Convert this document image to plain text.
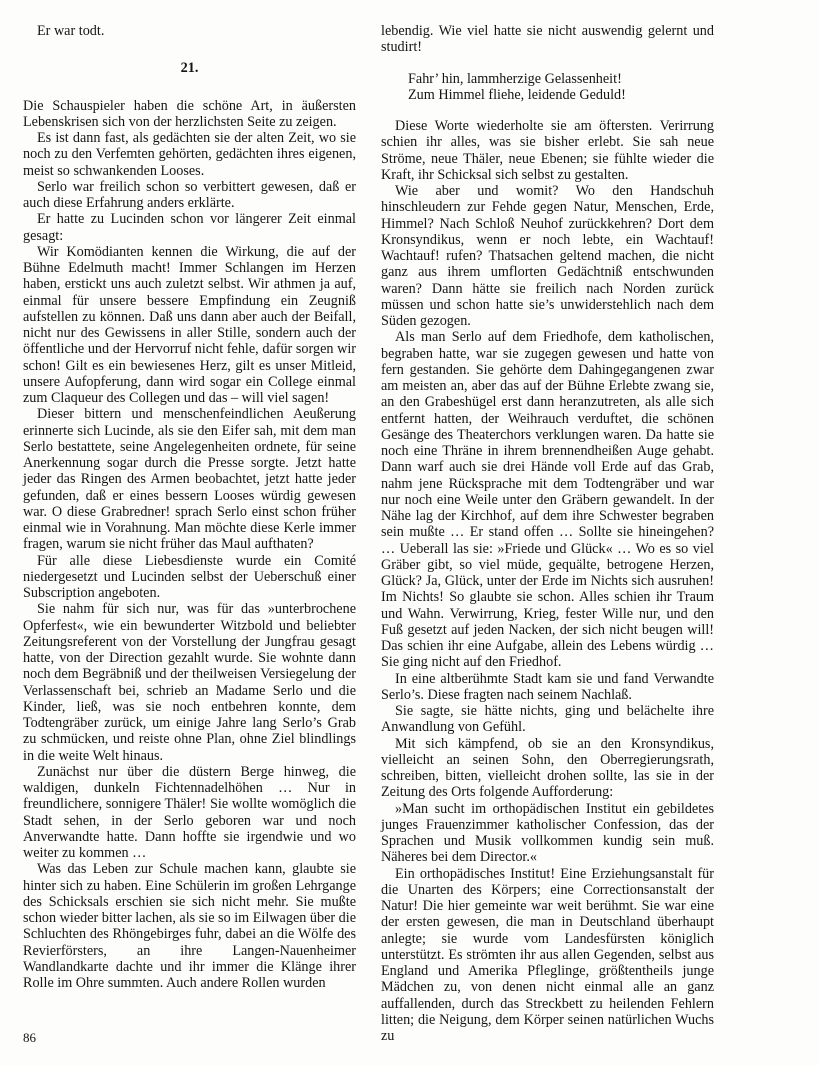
Er war todt.

21.

Die Schauspieler haben die schöne Art, in äußersten Lebenskrisen sich von der herzlichsten Seite zu zeigen.

Es ist dann fast, als gedächten sie der alten Zeit, wo sie noch zu den Verfemten gehörten, gedächten ihres eigenen, meist so schwankenden Looses.

Serlo war freilich schon so verbittert gewesen, daß er auch diese Erfahrung anders erklärte.

Er hatte zu Lucinden schon vor längerer Zeit einmal gesagt:

Wir Komödianten kennen die Wirkung, die auf der Bühne Edelmuth macht! Immer Schlangen im Herzen haben, erstickt uns auch zuletzt selbst. Wir athmen ja auf, einmal für unsere bessere Empfindung ein Zeugniß aufstellen zu können. Daß uns dann aber auch der Beifall, nicht nur des Gewissens in aller Stille, sondern auch der öffentliche und der Hervorruf nicht fehle, dafür sorgen wir schon! Gilt es ein bewiesenes Herz, gilt es unser Mitleid, unsere Aufopferung, dann wird sogar ein College einmal zum Claqueur des Collegen und das – will viel sagen!

Dieser bittern und menschenfeindlichen Aeußerung erinnerte sich Lucinde, als sie den Eifer sah, mit dem man Serlo bestattete, seine Angelegenheiten ordnete, für seine Anerkennung sogar durch die Presse sorgte. Jetzt hatte jeder das Ringen des Armen beobachtet, jetzt hatte jeder gefunden, daß er eines bessern Looses würdig gewesen war. O diese Grabredner! sprach Serlo einst schon früher einmal wie in Vorahnung. Man möchte diese Kerle immer fragen, warum sie nicht früher das Maul aufthaten?

Für alle diese Liebesdienste wurde ein Comité niedergesetzt und Lucinden selbst der Ueberschuß einer Subscription angeboten.

Sie nahm für sich nur, was für das »unterbrochene Opferfest«, wie ein bewunderter Witzbold und beliebter Zeitungsreferent von der Vorstellung der Jungfrau gesagt hatte, von der Direction gezahlt wurde. Sie wohnte dann noch dem Begräbniß und der theilweisen Versiegelung der Verlassenschaft bei, schrieb an Madame Serlo und die Kinder, ließ, was sie noch entbehren konnte, dem Todtengräber zurück, um einige Jahre lang Serlo’s Grab zu schmücken, und reiste ohne Plan, ohne Ziel blindlings in die weite Welt hinaus.

Zunächst nur über die düstern Berge hinweg, die waldigen, dunkeln Fichtennadelhöhen … Nur in freundlichere, sonnigere Thäler! Sie wollte womöglich die Stadt sehen, in der Serlo geboren war und noch Anverwandte hatte. Dann hoffte sie irgendwie und wo weiter zu kommen …

Was das Leben zur Schule machen kann, glaubte sie hinter sich zu haben. Eine Schülerin im großen Lehrgange des Schicksals erschien sie sich nicht mehr. Sie mußte schon wieder bitter lachen, als sie so im Eilwagen über die Schluchten des Rhöngebirges fuhr, dabei an die Wölfe des Revierförsters, an ihre Langen-Nauenheimer Wandlandkarte dachte und ihr immer die Klänge ihrer Rolle im Ohre summten. Auch andere Rollen wurden

lebendig. Wie viel hatte sie nicht auswendig gelernt und studirt!

Fahr’ hin, lammherzige Gelassenheit!
Zum Himmel fliehe, leidende Geduld!

Diese Worte wiederholte sie am öftersten. Verirrung schien ihr alles, was sie bisher erlebt. Sie sah neue Ströme, neue Thäler, neue Ebenen; sie fühlte wieder die Kraft, ihr Schicksal sich selbst zu gestalten.

Wie aber und womit? Wo den Handschuh hinschleudern zur Fehde gegen Natur, Menschen, Erde, Himmel? Nach Schloß Neuhof zurückkehren? Dort dem Kronsyndikus, wenn er noch lebte, ein Wachtauf! Wachtauf! rufen? Thatsachen geltend machen, die nicht ganz aus ihrem umflorten Gedächtniß entschwunden waren? Dann hätte sie freilich nach Norden zurück müssen und schon hatte sie’s unwiderstehlich nach dem Süden gezogen.

Als man Serlo auf dem Friedhofe, dem katholischen, begraben hatte, war sie zugegen gewesen und hatte von fern gestanden. Sie gehörte dem Dahingegangenen zwar am meisten an, aber das auf der Bühne Erlebte zwang sie, an den Grabeshügel erst dann heranzutreten, als alle sich entfernt hatten, der Weihrauch verduftet, die schönen Gesänge des Theaterchors verklungen waren. Da hatte sie noch eine Thräne in ihrem brennendheißen Auge gehabt. Dann warf auch sie drei Hände voll Erde auf das Grab, nahm jene Rücksprache mit dem Todtengräber und war nur noch eine Weile unter den Gräbern gewandelt. In der Nähe lag der Kirchhof, auf dem ihre Schwester begraben sein mußte … Er stand offen … Sollte sie hineingehen? … Ueberall las sie: »Friede und Glück« … Wo es so viel Gräber gibt, so viel müde, gequälte, betrogene Herzen, Glück? Ja, Glück, unter der Erde im Nichts sich ausruhen! Im Nichts! So glaubte sie schon. Alles schien ihr Traum und Wahn. Verwirrung, Krieg, fester Wille nur, und den Fuß gesetzt auf jeden Nacken, der sich nicht beugen will! Das schien ihr eine Aufgabe, allein des Lebens würdig … Sie ging nicht auf den Friedhof.

In eine altberühmte Stadt kam sie und fand Verwandte Serlo’s. Diese fragten nach seinem Nachlaß.

Sie sagte, sie hätte nichts, ging und belächelte ihre Anwandlung von Gefühl.

Mit sich kämpfend, ob sie an den Kronsyndikus, vielleicht an seinen Sohn, den Oberregierungsrath, schreiben, bitten, vielleicht drohen sollte, las sie in der Zeitung des Orts folgende Aufforderung:

»Man sucht im orthopädischen Institut ein gebildetes junges Frauenzimmer katholischer Confession, das der Sprachen und Musik vollkommen kundig sein muß. Näheres bei dem Director.«

Ein orthopädisches Institut! Eine Erziehungsanstalt für die Unarten des Körpers; eine Correctionsanstalt der Natur! Die hier gemeinte war weit berühmt. Sie war eine der ersten gewesen, die man in Deutschland überhaupt anlegte; sie wurde vom Landesfürsten königlich unterstützt. Es strömten ihr aus allen Gegenden, selbst aus England und Amerika Pfleglinge, größtentheils junge Mädchen zu, von denen nicht einmal alle an ganz auffallenden, durch das Streckbett zu heilenden Fehlern litten; die Neigung, dem Körper seinen natürlichen Wuchs zu

86
